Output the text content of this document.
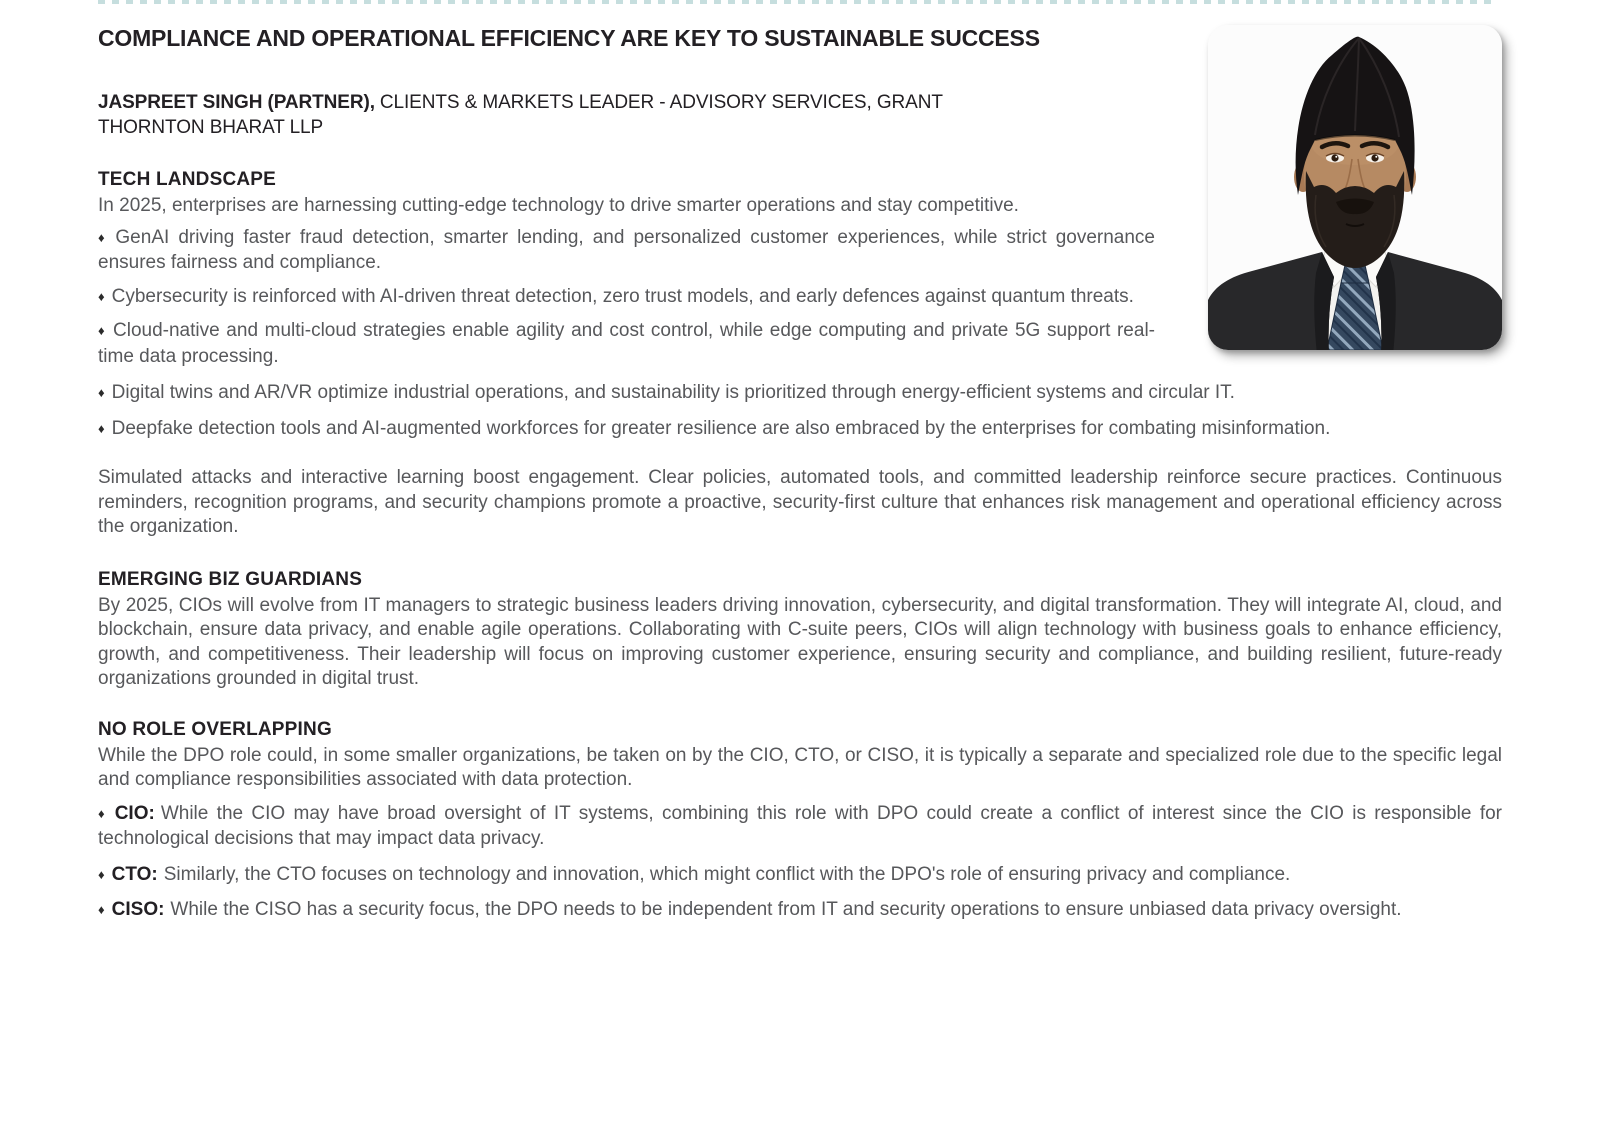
COMPLIANCE AND OPERATIONAL EFFICIENCY ARE KEY TO SUSTAINABLE SUCCESS

JASPREET SINGH (PARTNER), CLIENTS & MARKETS LEADER - ADVISORY SERVICES, GRANT
THORNTON BHARAT LLP

TECH LANDSCAPE

In 2025, enterprises are harnessing cutting-edge technology to drive smarter operations and stay competitive.

♦ GenAI driving faster fraud detection, smarter lending, and personalized customer experiences, while strict governance ensures fairness and compliance.

♦ Cybersecurity is reinforced with AI-driven threat detection, zero trust models, and early defences against quantum threats.

♦ Cloud-native and multi-cloud strategies enable agility and cost control, while edge computing and private 5G support real-time data processing.

♦ Digital twins and AR/VR optimize industrial operations, and sustainability is prioritized through energy-efficient systems and circular IT.

♦ Deepfake detection tools and AI-augmented workforces for greater resilience are also embraced by the enterprises for combating misinformation.

Simulated attacks and interactive learning boost engagement. Clear policies, automated tools, and committed leadership reinforce secure practices. Continuous reminders, recognition programs, and security champions promote a proactive, security-first culture that enhances risk management and operational efficiency across the organization.

EMERGING BIZ GUARDIANS

By 2025, CIOs will evolve from IT managers to strategic business leaders driving innovation, cybersecurity, and digital transformation. They will integrate AI, cloud, and blockchain, ensure data privacy, and enable agile operations. Collaborating with C-suite peers, CIOs will align technology with business goals to enhance efficiency, growth, and competitiveness. Their leadership will focus on improving customer experience, ensuring security and compliance, and building resilient, future-ready organizations grounded in digital trust.

NO ROLE OVERLAPPING

While the DPO role could, in some smaller organizations, be taken on by the CIO, CTO, or CISO, it is typically a separate and specialized role due to the specific legal and compliance responsibilities associated with data protection.

♦ CIO: While the CIO may have broad oversight of IT systems, combining this role with DPO could create a conflict of interest since the CIO is responsible for technological decisions that may impact data privacy.

♦ CTO: Similarly, the CTO focuses on technology and innovation, which might conflict with the DPO's role of ensuring privacy and compliance.

♦ CISO: While the CISO has a security focus, the DPO needs to be independent from IT and security operations to ensure unbiased data privacy oversight.
